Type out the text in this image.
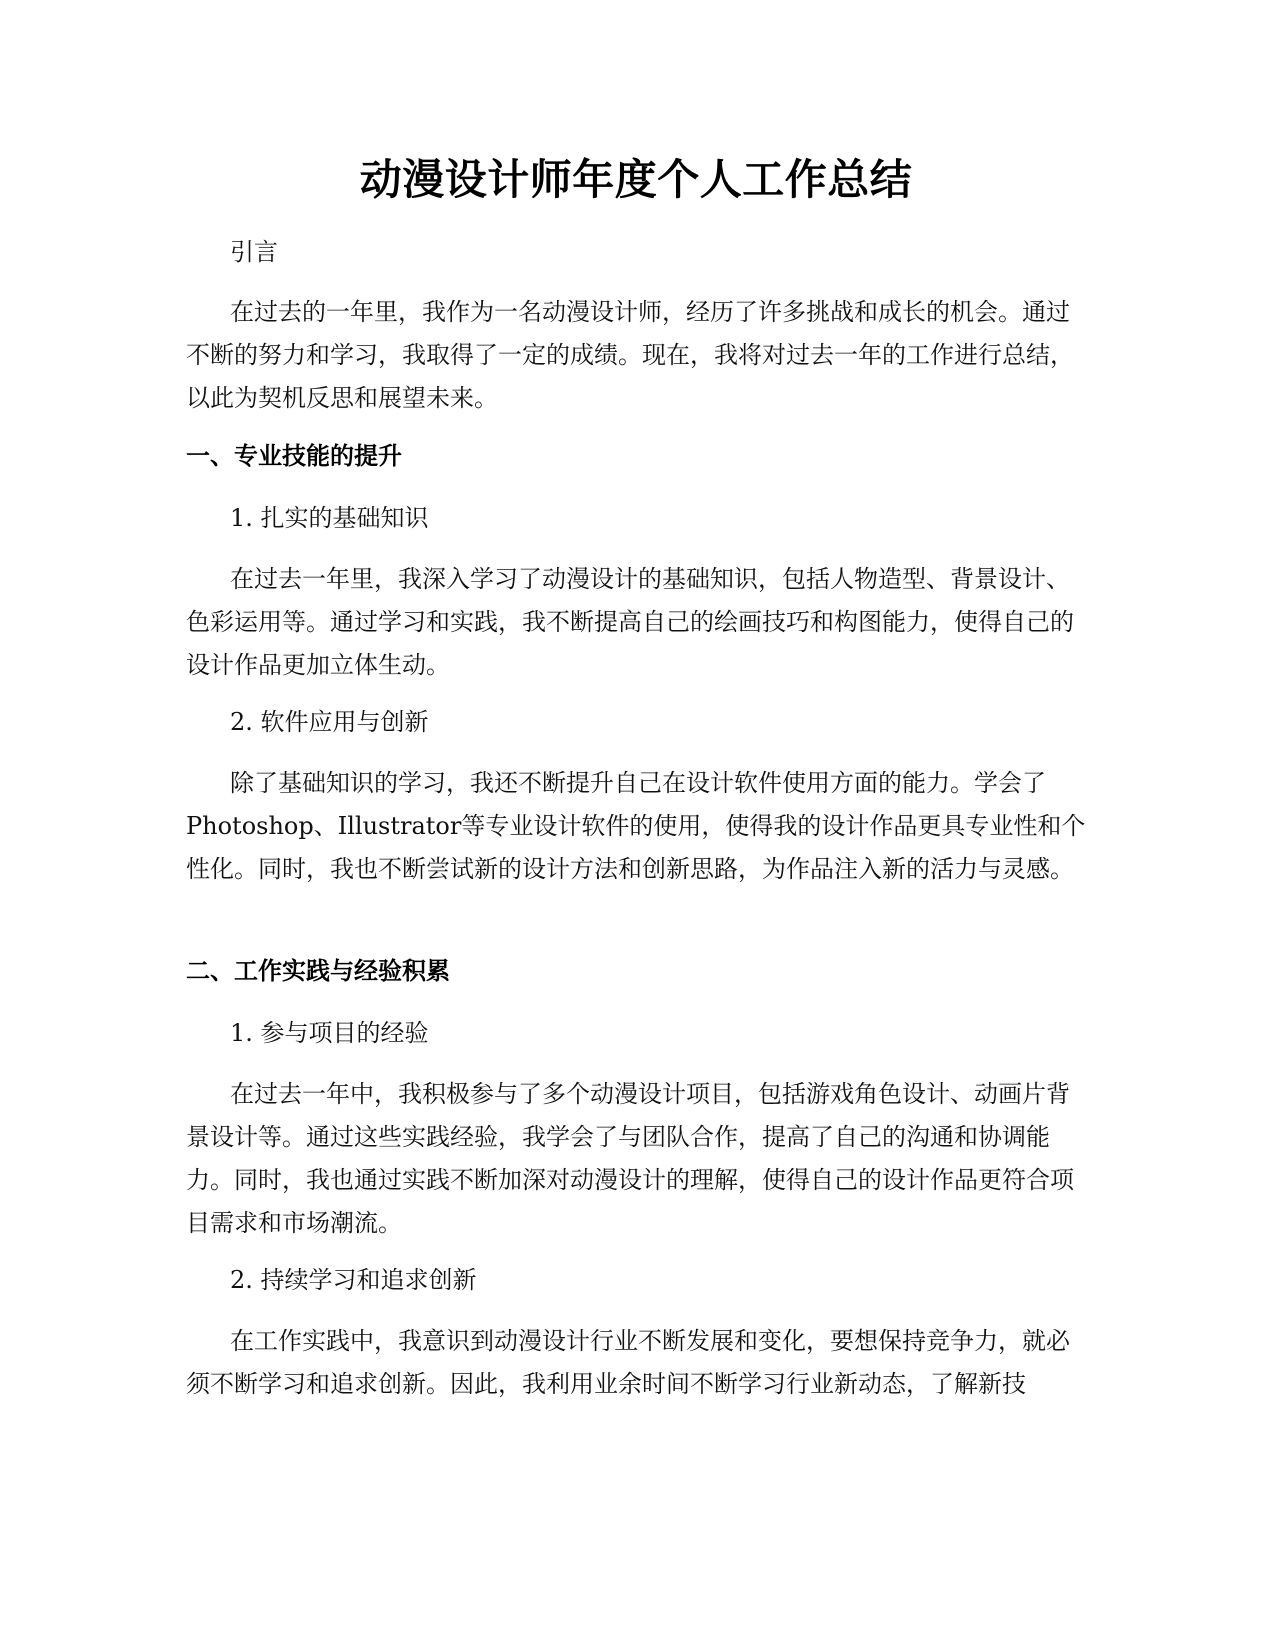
动漫设计师年度个人工作总结

引言

在过去的一年里，我作为一名动漫设计师，经历了许多挑战和成长的机会。通过不断的努力和学习，我取得了一定的成绩。现在，我将对过去一年的工作进行总结，以此为契机反思和展望未来。

一、专业技能的提升

1. 扎实的基础知识

在过去一年里，我深入学习了动漫设计的基础知识，包括人物造型、背景设计、色彩运用等。通过学习和实践，我不断提高自己的绘画技巧和构图能力，使得自己的设计作品更加立体生动。

2. 软件应用与创新

除了基础知识的学习，我还不断提升自己在设计软件使用方面的能力。学会了Photoshop、Illustrator等专业设计软件的使用，使得我的设计作品更具专业性和个性化。同时，我也不断尝试新的设计方法和创新思路，为作品注入新的活力与灵感。

二、工作实践与经验积累

1. 参与项目的经验

在过去一年中，我积极参与了多个动漫设计项目，包括游戏角色设计、动画片背景设计等。通过这些实践经验，我学会了与团队合作，提高了自己的沟通和协调能力。同时，我也通过实践不断加深对动漫设计的理解，使得自己的设计作品更符合项目需求和市场潮流。

2. 持续学习和追求创新

在工作实践中，我意识到动漫设计行业不断发展和变化，要想保持竞争力，就必须不断学习和追求创新。因此，我利用业余时间不断学习行业新动态，了解新技
